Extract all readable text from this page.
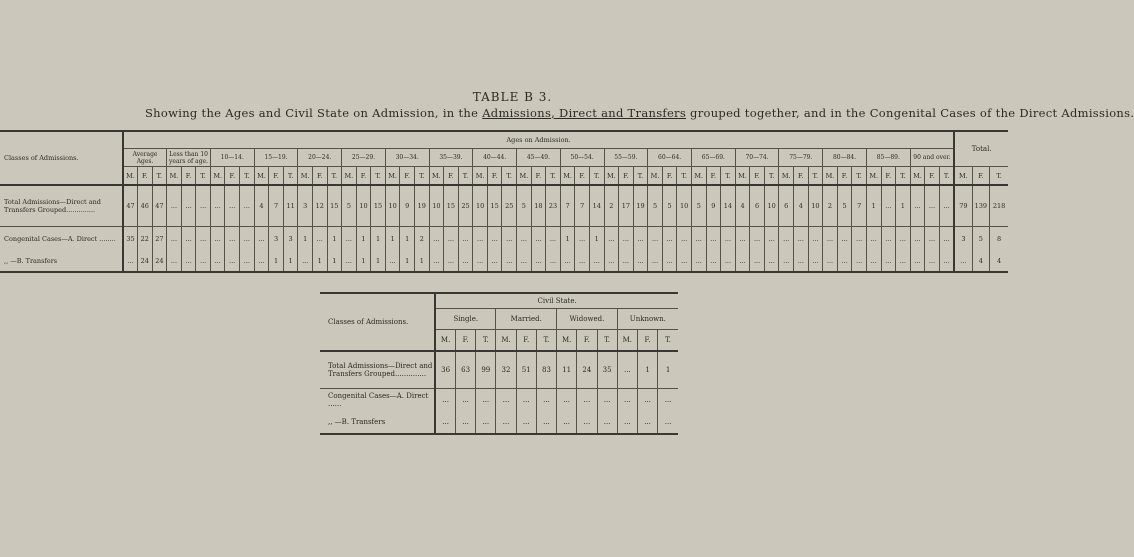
TABLE B 3.
Showing the Ages and Civil State on Admission, in the Admissions, Direct and Transfers grouped together, and in the Congenital Cases of the Direct Admissions.
Classes of Admissions.	Ages on Admission.																																																									Total.		
	Average Ages.			Less than 10 years of age.			10—14.			15—19.			20—24.			25—29.			30—34.			35—39.			40—44.			45—49.			50—54.			55—59.			60—64.			65—69.			70—74.			75—79.			80—84.			85—89.			90 and over.					
	M.	F.	T.	M.	F.	T.	M.	F.	T.	M.	F.	T.	M.	F.	T.	M.	F.	T.	M.	F.	T.	M.	F.	T.	M.	F.	T.	M.	F.	T.	M.	F.	T.	M.	F.	T.	M.	F.	T.	M.	F.	T.	M.	F.	T.	M.	F.	T.	M.	F.	T.	M.	F.	T.	M.	F.	T.	M.	F.	T.
Total Admissions—Direct and Transfers Grouped..............	47	46	47	...	...	...	...	...	...	4	7	11	3	12	15	5	10	15	10	9	19	10	15	25	10	15	25	5	18	23	7	7	14	2	17	19	5	5	10	5	9	14	4	6	10	6	4	10	2	5	7	1	...	1	...	...	...	79	139	218
Congenital Cases—A. Direct ........	35	22	27	...	...	...	...	...	...	...	3	3	1	...	1	...	1	1	1	1	2	...	...	...	...	...	...	...	...	...	1	...	1	...	...	...	...	...	...	...	...	...	...	...	...	...	...	...	...	...	...	...	...	...	...	...	...	3	5	8
,, —B. Transfers	...	24	24	...	...	...	...	...	...	...	1	1	...	1	1	...	1	1	...	1	1	...	...	...	...	...	...	...	...	...	...	...	...	...	...	...	...	...	...	...	...	...	...	...	...	...	...	...	...	...	...	...	...	...	...	...	...	...	4	4
Classes of Admissions.	Civil State.											
	Single.			Married.			Widowed.			Unknown.		
	M.	F.	T.	M.	F.	T.	M.	F.	T.	M.	F.	T.
Total Admissions—Direct and Transfers Grouped..............	36	63	99	32	51	83	11	24	35	...	1	1
Congenital Cases—A. Direct ......	...	...	...	...	...	...	...	...	...	...	...	...
,, —B. Transfers	...	...	...	...	...	...	...	...	...	...	...	...
